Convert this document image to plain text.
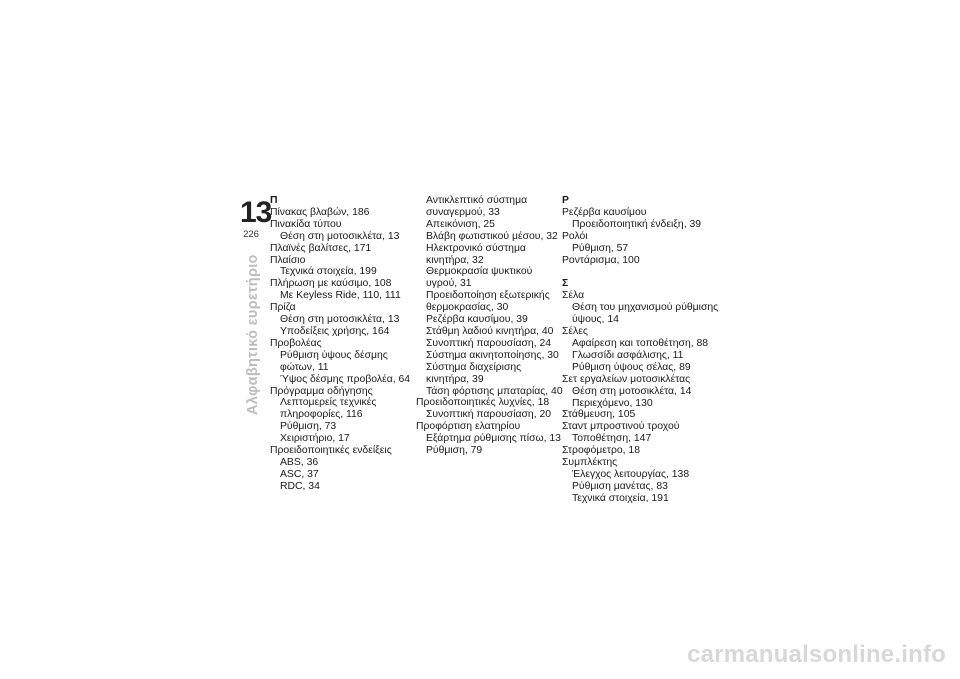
13
226
Αλφαβητικό ευρετήριο
Π
Πίνακας βλαβών, 186
Πινακίδα τύπου
Θέση στη μοτοσικλέτα, 13
Πλαϊνές βαλίτσες, 171
Πλαίσιο
Τεχνικά στοιχεία, 199
Πλήρωση με καύσιμο, 108
Με Keyless Ride, 110, 111
Πρίζα
Θέση στη μοτοσικλέτα, 13
Υποδείξεις χρήσης, 164
Προβολέας
Ρύθμιση ύψους δέσμης
φώτων, 11
Ύψος δέσμης προβολέα, 64
Πρόγραμμα οδήγησης
Λεπτομερείς τεχνικές
πληροφορίες, 116
Ρύθμιση, 73
Χειριστήριο, 17
Προειδοποιητικές ενδείξεις
ABS, 36
ASC, 37
RDC, 34
Αντικλεπτικό σύστημα
συναγερμού, 33
Απεικόνιση, 25
Βλάβη φωτιστικού μέσου, 32
Ηλεκτρονικό σύστημα
κινητήρα, 32
Θερμοκρασία ψυκτικού
υγρού, 31
Προειδοποίηση εξωτερικής
θερμοκρασίας, 30
Ρεζέρβα καυσίμου, 39
Στάθμη λαδιού κινητήρα, 40
Συνοπτική παρουσίαση, 24
Σύστημα ακινητοποίησης, 30
Σύστημα διαχείρισης
κινητήρα, 39
Τάση φόρτισης μπαταρίας, 40
Προειδοποιητικές λυχνίες, 18
Συνοπτική παρουσίαση, 20
Προφόρτιση ελατηρίου
Εξάρτημα ρύθμισης πίσω, 13
Ρύθμιση, 79
Ρ
Ρεζέρβα καυσίμου
Προειδοποιητική ένδειξη, 39
Ρολόι
Ρύθμιση, 57
Ροντάρισμα, 100
Σ
Σέλα
Θέση του μηχανισμού ρύθμισης
ύψους, 14
Σέλες
Αφαίρεση και τοποθέτηση, 88
Γλωσσίδι ασφάλισης, 11
Ρύθμιση ύψους σέλας, 89
Σετ εργαλείων μοτοσικλέτας
Θέση στη μοτοσικλέτα, 14
Περιεχόμενο, 130
Στάθμευση, 105
Σταντ μπροστινού τροχού
Τοποθέτηση, 147
Στροφόμετρο, 18
Συμπλέκτης
Έλεγχος λειτουργίας, 138
Ρύθμιση μανέτας, 83
Τεχνικά στοιχεία, 191
carmanualsonline.info
